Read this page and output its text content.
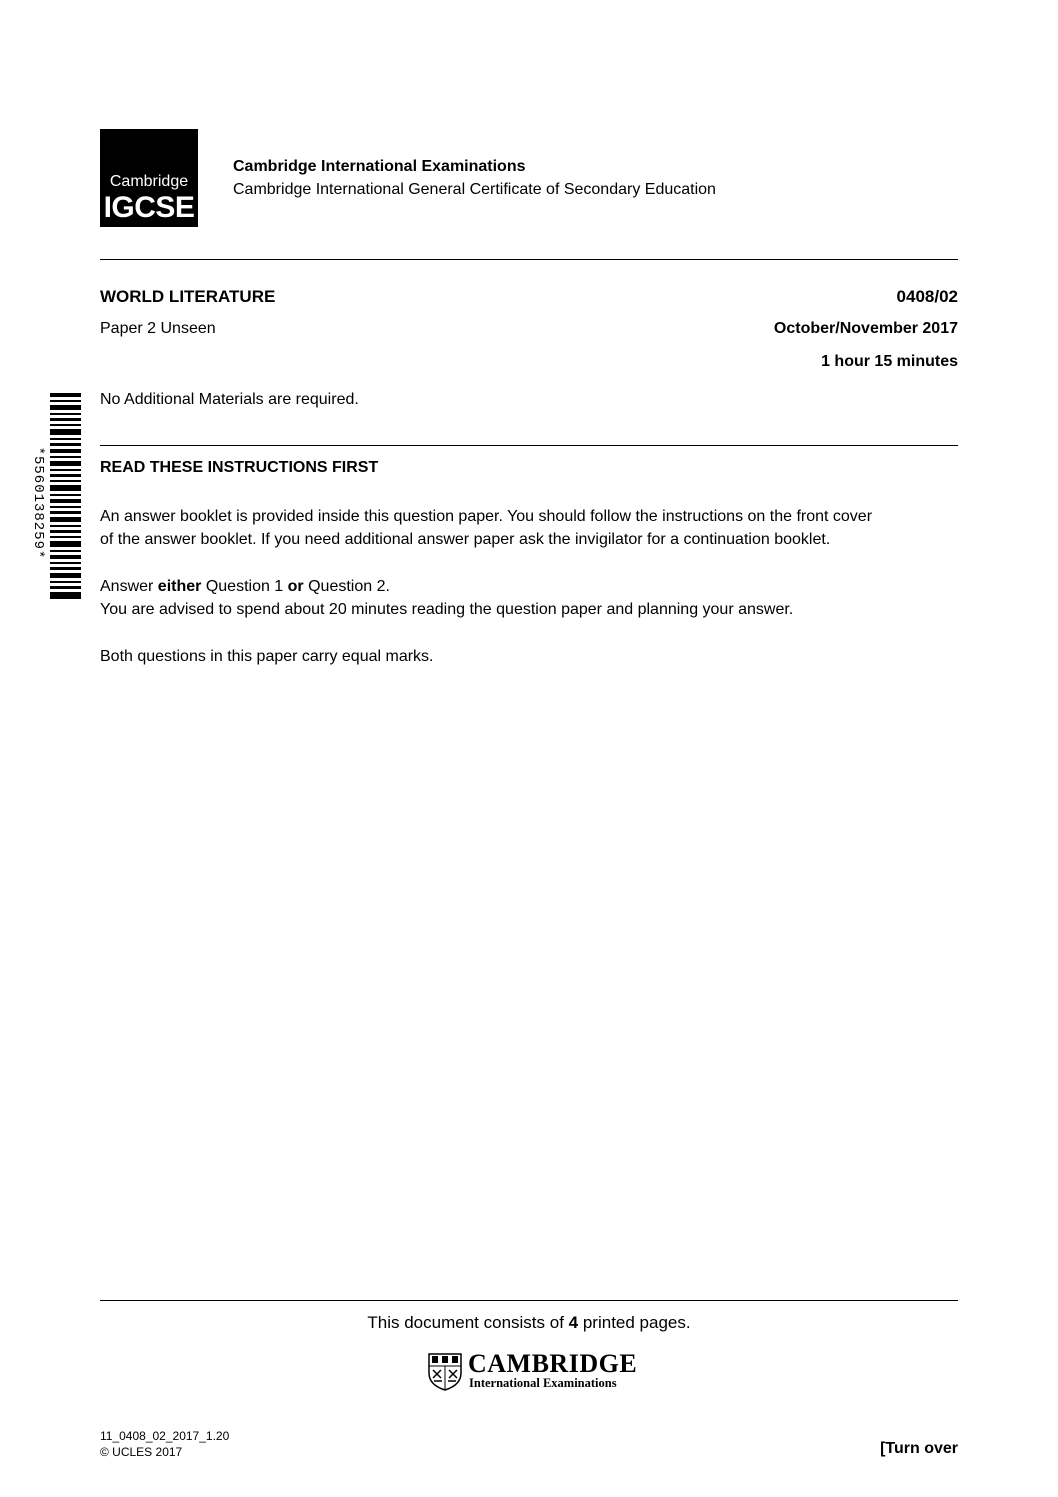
Cambridge
IGCSE
Cambridge International Examinations
Cambridge International General Certificate of Secondary Education
WORLD LITERATURE	0408/02
Paper 2 Unseen	October/November 2017
1 hour 15 minutes
No Additional Materials are required.
*5560138259*	READ THESE INSTRUCTIONS FIRST
An answer booklet is provided inside this question paper. You should follow the instructions on the front cover
of the answer booklet. If you need additional answer paper ask the invigilator for a continuation booklet.
Answer either Question 1 or Question 2.
You are advised to spend about 20 minutes reading the question paper and planning your answer.
Both questions in this paper carry equal marks.
This document consists of 4 printed pages.
CAMBRIDGE
International Examinations
11_0408_02_2017_1.20
© UCLES 2017	[Turn over
